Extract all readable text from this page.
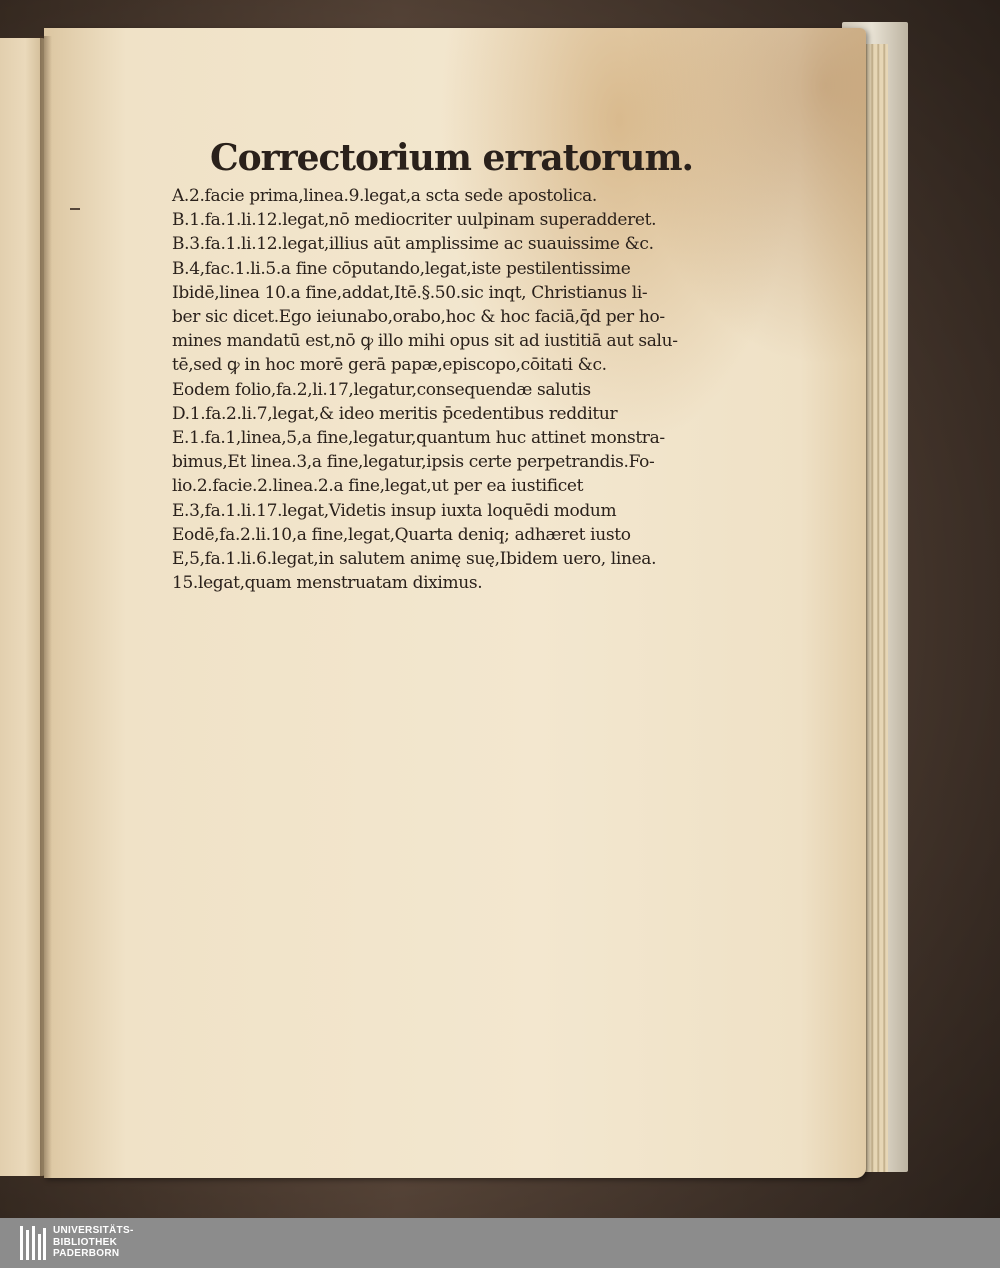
Correctorium erratorum.
A.2.facie prima,linea.9.legat,a scta sede apostolica.
B.1.fa.1.li.12.legat,nō mediocriter uulpinam superadderet.
B.3.fa.1.li.12.legat,illius aūt amplissime ac suauissime &c.
B.4,fac.1.li.5.a fine cōputando,legat,iste pestilentissime
Ibidē,linea 10.a fine,addat,Itē.§.50.sic inqt, Christianus li-
ber sic dicet.Ego ieiunabo,orabo,hoc & hoc faciā,q̄d per ho-
mines mandatū est,nō ꝙ illo mihi opus sit ad iustitiā aut salu-
tē,sed ꝙ in hoc morē gerā papæ,episcopo,cōitati &c.
Eodem folio,fa.2,li.17,legatur,consequendæ salutis
D.1.fa.2.li.7,legat,& ideo meritis p̄cedentibus redditur
E.1.fa.1,linea,5,a fine,legatur,quantum huc attinet monstra-
bimus,Et linea.3,a fine,legatur,ipsis certe perpetrandis.Fo-
lio.2.facie.2.linea.2.a fine,legat,ut per ea iustificet
E.3,fa.1.li.17.legat,Videtis insup iuxta loquēdi modum
Eodē,fa.2.li.10,a fine,legat,Quarta deniq; adhæret iusto
E,5,fa.1.li.6.legat,in salutem animę suę,Ibidem uero, linea.
15.legat,quam menstruatam diximus.
UNIVERSITÄTS-
BIBLIOTHEK
PADERBORN
